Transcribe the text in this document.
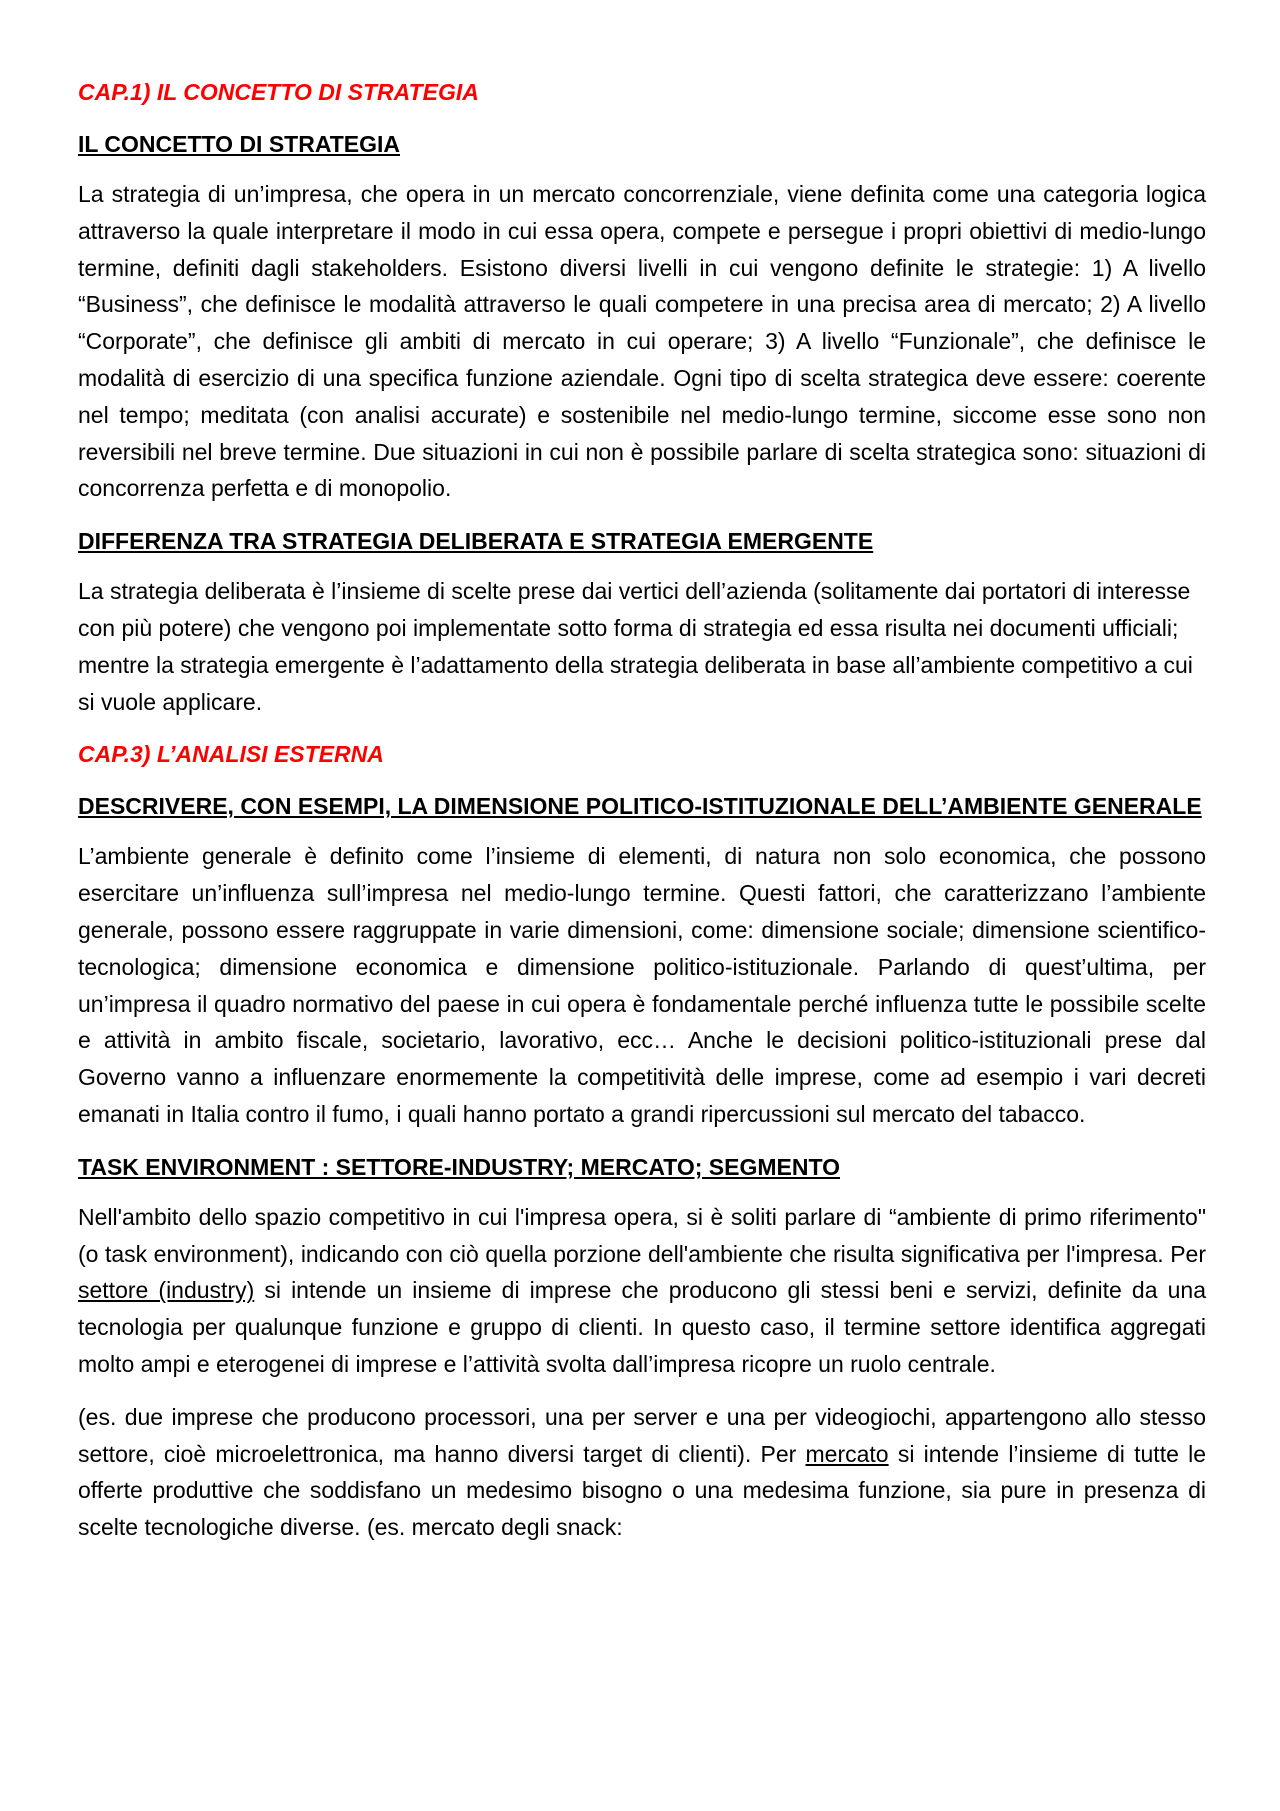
CAP.1) IL CONCETTO DI STRATEGIA
IL CONCETTO DI STRATEGIA

La strategia di un’impresa, che opera in un mercato concorrenziale, viene definita come una categoria logica attraverso la quale interpretare il modo in cui essa opera, compete e persegue i propri obiettivi di medio-lungo termine, definiti dagli stakeholders. Esistono diversi livelli in cui vengono definite le strategie: 1) A livello “Business”, che definisce le modalità attraverso le quali competere in una precisa area di mercato; 2) A livello “Corporate”, che definisce gli ambiti di mercato in cui operare; 3) A livello “Funzionale”, che definisce le modalità di esercizio di una specifica funzione aziendale. Ogni tipo di scelta strategica deve essere: coerente nel tempo; meditata (con analisi accurate) e sostenibile nel medio-lungo termine, siccome esse sono non reversibili nel breve termine. Due situazioni in cui non è possibile parlare di scelta strategica sono: situazioni di concorrenza perfetta e di monopolio.

DIFFERENZA TRA STRATEGIA DELIBERATA E STRATEGIA EMERGENTE

La strategia deliberata è l’insieme di scelte prese dai vertici dell’azienda (solitamente dai portatori di interesse con più potere) che vengono poi implementate sotto forma di strategia ed essa risulta nei documenti ufficiali; mentre la strategia emergente è l’adattamento della strategia deliberata in base all’ambiente competitivo a cui si vuole applicare.

CAP.3) L’ANALISI ESTERNA
DESCRIVERE, CON ESEMPI, LA DIMENSIONE POLITICO-ISTITUZIONALE DELL’AMBIENTE GENERALE

L’ambiente generale è definito come l’insieme di elementi, di natura non solo economica, che possono esercitare un’influenza sull’impresa nel medio-lungo termine. Questi fattori, che caratterizzano l’ambiente generale, possono essere raggruppate in varie dimensioni, come: dimensione sociale; dimensione scientifico-tecnologica; dimensione economica e dimensione politico-istituzionale. Parlando di quest’ultima, per un’impresa il quadro normativo del paese in cui opera è fondamentale perché influenza tutte le possibile scelte e attività in ambito fiscale, societario, lavorativo, ecc… Anche le decisioni politico-istituzionali prese dal Governo vanno a influenzare enormemente la competitività delle imprese, come ad esempio i vari decreti emanati in Italia contro il fumo, i quali hanno portato a grandi ripercussioni sul mercato del tabacco.

TASK ENVIRONMENT : SETTORE-INDUSTRY; MERCATO; SEGMENTO

Nell'ambito dello spazio competitivo in cui l'impresa opera, si è soliti parlare di “ambiente di primo riferimento" (o task environment), indicando con ciò quella porzione dell'ambiente che risulta significativa per l'impresa. Per settore (industry) si intende un insieme di imprese che producono gli stessi beni e servizi, definite da una tecnologia per qualunque funzione e gruppo di clienti. In questo caso, il termine settore identifica aggregati molto ampi e eterogenei di imprese e l’attività svolta dall’impresa ricopre un ruolo centrale.

(es. due imprese che producono processori, una per server e una per videogiochi, appartengono allo stesso settore, cioè microelettronica, ma hanno diversi target di clienti). Per mercato si intende l’insieme di tutte le offerte produttive che soddisfano un medesimo bisogno o una medesima funzione, sia pure in presenza di scelte tecnologiche diverse. (es. mercato degli snack:
